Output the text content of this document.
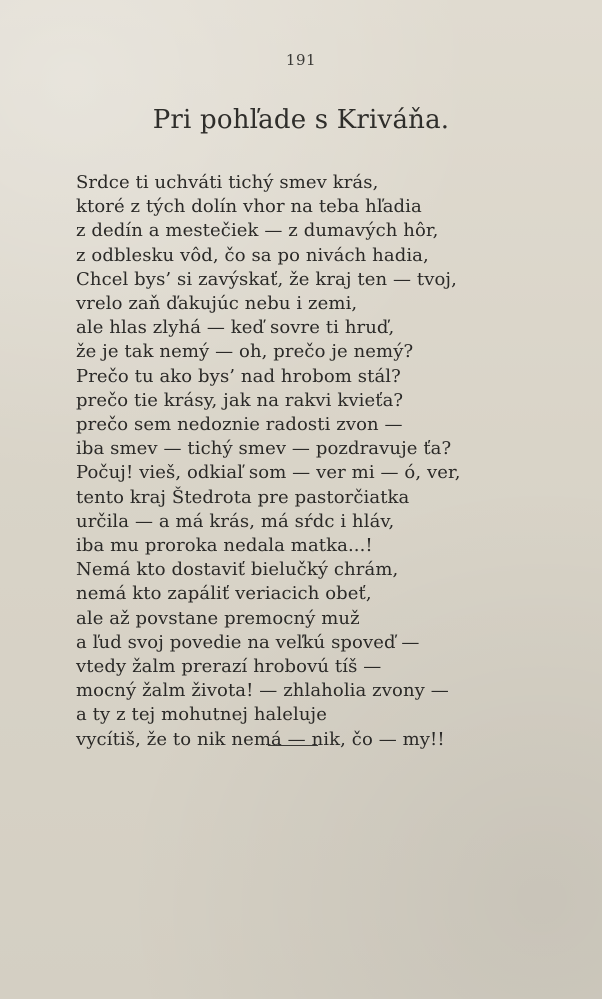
191
Pri pohľade s Kriváňa.
Srdce ti uchváti tichý smev krás,
ktoré z tých dolín vhor na teba hľadia
z dedín a mestečiek — z dumavých hôr,
z odblesku vôd, čo sa po nivách hadia,
Chcel bys’ si zavýskať, že kraj ten — tvoj,
vrelo zaň ďakujúc nebu i zemi,
ale hlas zlyhá — keď sovre ti hruď,
že je tak nemý — oh, prečo je nemý?
Prečo tu ako bys’ nad hrobom stál?
prečo tie krásy, jak na rakvi kvieťa?
prečo sem nedoznie radosti zvon —
iba smev — tichý smev — pozdravuje ťa?
Počuj! vieš, odkiaľ som — ver mi — ó, ver,
tento kraj Štedrota pre pastorčiatka
určila — a má krás, má sŕdc i hláv,
iba mu proroka nedala matka...!
Nemá kto dostaviť bielučký chrám,
nemá kto zapáliť veriacich obeť,
ale až povstane premocný muž
a ľud svoj povedie na veľkú spoveď —
vtedy žalm prerazí hrobovú tíš —
mocný žalm života! — zhlaholia zvony —
a ty z tej mohutnej haleluje
vycítiš, že to nik nemá — nik, čo — my!!
